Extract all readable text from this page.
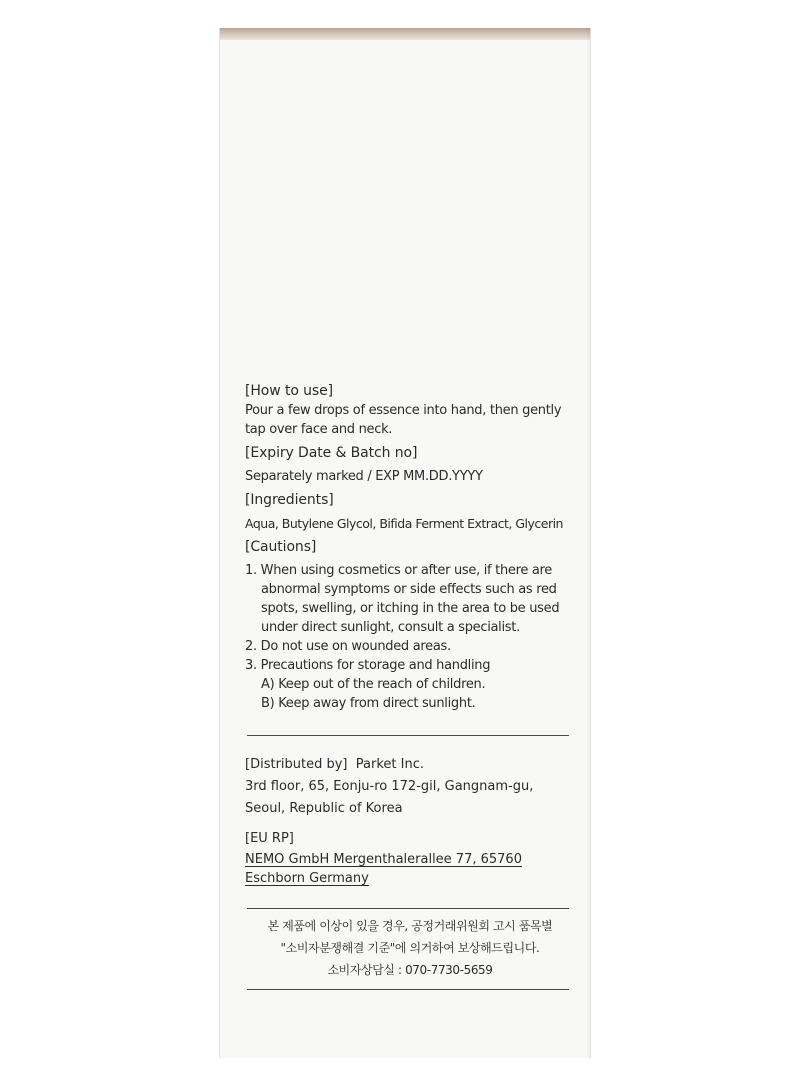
[How to use]

Pour a few drops of essence into hand, then gently

tap over face and neck.

[Expiry Date & Batch no]

Separately marked / EXP MM.DD.YYYY

[Ingredients]

Aqua, Butylene Glycol, Bifida Ferment Extract, Glycerin

[Cautions]

1. When using cosmetics or after use, if there are
abnormal symptoms or side effects such as red
spots, swelling, or itching in the area to be used
under direct sunlight, consult a specialist.
2. Do not use on wounded areas.
3. Precautions for storage and handling
A) Keep out of the reach of children.
B) Keep away from direct sunlight.

[Distributed by] Parket Inc.

3rd floor, 65, Eonju-ro 172-gil, Gangnam-gu,

Seoul, Republic of Korea

[EU RP]

NEMO GmbH Mergenthalerallee 77, 65760

Eschborn Germany

본 제품에 이상이 있을 경우, 공정거래위원회 고시 품목별

"소비자분쟁해결 기준"에 의거하여 보상해드립니다.

소비자상담실 : 070-7730-5659
